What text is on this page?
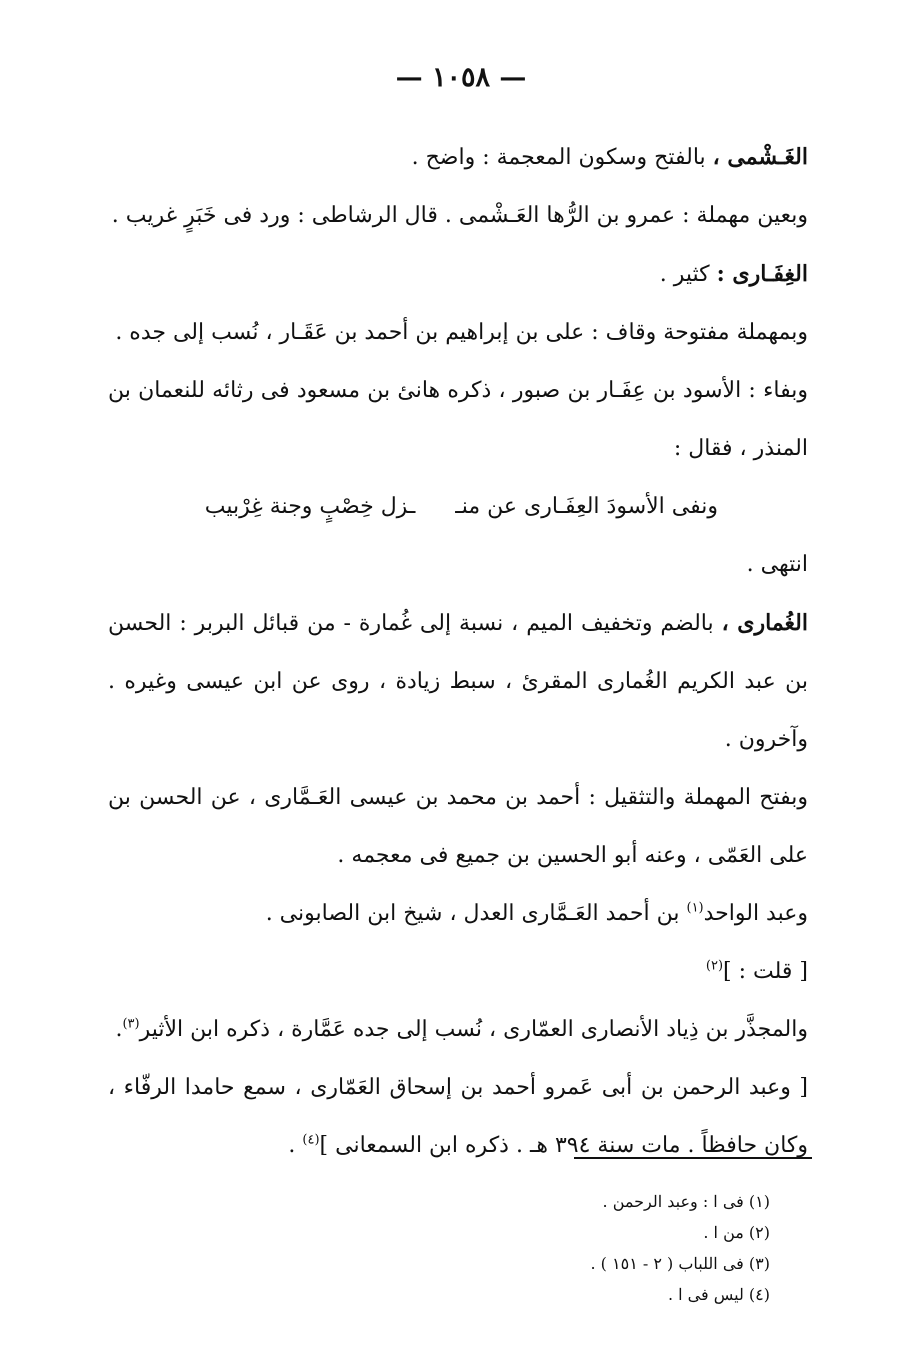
— ١٠٥٨ —

الغَـشْمى ، بالفتح وسكون المعجمة : واضح .

وبعين مهملة : عمرو بن الرُّها العَـشْمى . قال الرشاطى : ورد فى خَبَرٍ غريب .

الغِفَـارى : كثير .

وبمهملة مفتوحة وقاف : على بن إبراهيم بن أحمد بن عَقَـار ، نُسب إلى جده .

وبفاء : الأسود بن عِفَـار بن صبور ، ذكره هانئ بن مسعود فى رثائه للنعمان بن المنذر ، فقال :

ونفى الأسودَ العِفَـارى عن منـ
ـزل خِصْبٍ وجنة غِرْبيب

انتهى .

الغُمارى ، بالضم وتخفيف الميم ، نسبة إلى غُمارة - من قبائل البربر : الحسن بن عبد الكريم الغُمارى المقرئ ، سبط زيادة ، روى عن ابن عيسى وغيره . وآخرون .

وبفتح المهملة والتثقيل : أحمد بن محمد بن عيسى العَـمَّارى ، عن الحسن بن على العَمّى ، وعنه أبو الحسين بن جميع فى معجمه .

وعبد الواحد$^{(١)}$ بن أحمد العَـمَّارى العدل ، شيخ ابن الصابونى .

[ قلت : ]$^{(٢)}$

والمجذَّر بن ذِياد الأنصارى العمّارى ، نُسب إلى جده عَمَّارة ، ذكره ابن الأثير$^{(٣)}$.

[ وعبد الرحمن بن أبى عَمرو أحمد بن إسحاق العَمّارى ، سمع حامدا الرفّاء ، وكان حافظاً . مات سنة ٣٩٤ هـ . ذكره ابن السمعانى ]$^{(٤)}$ .

(١) فى ا : وعبد الرحمن .
(٢) من ا .
(٣) فى اللباب ( ٢ - ١٥١ ) .
(٤) ليس فى ا .
